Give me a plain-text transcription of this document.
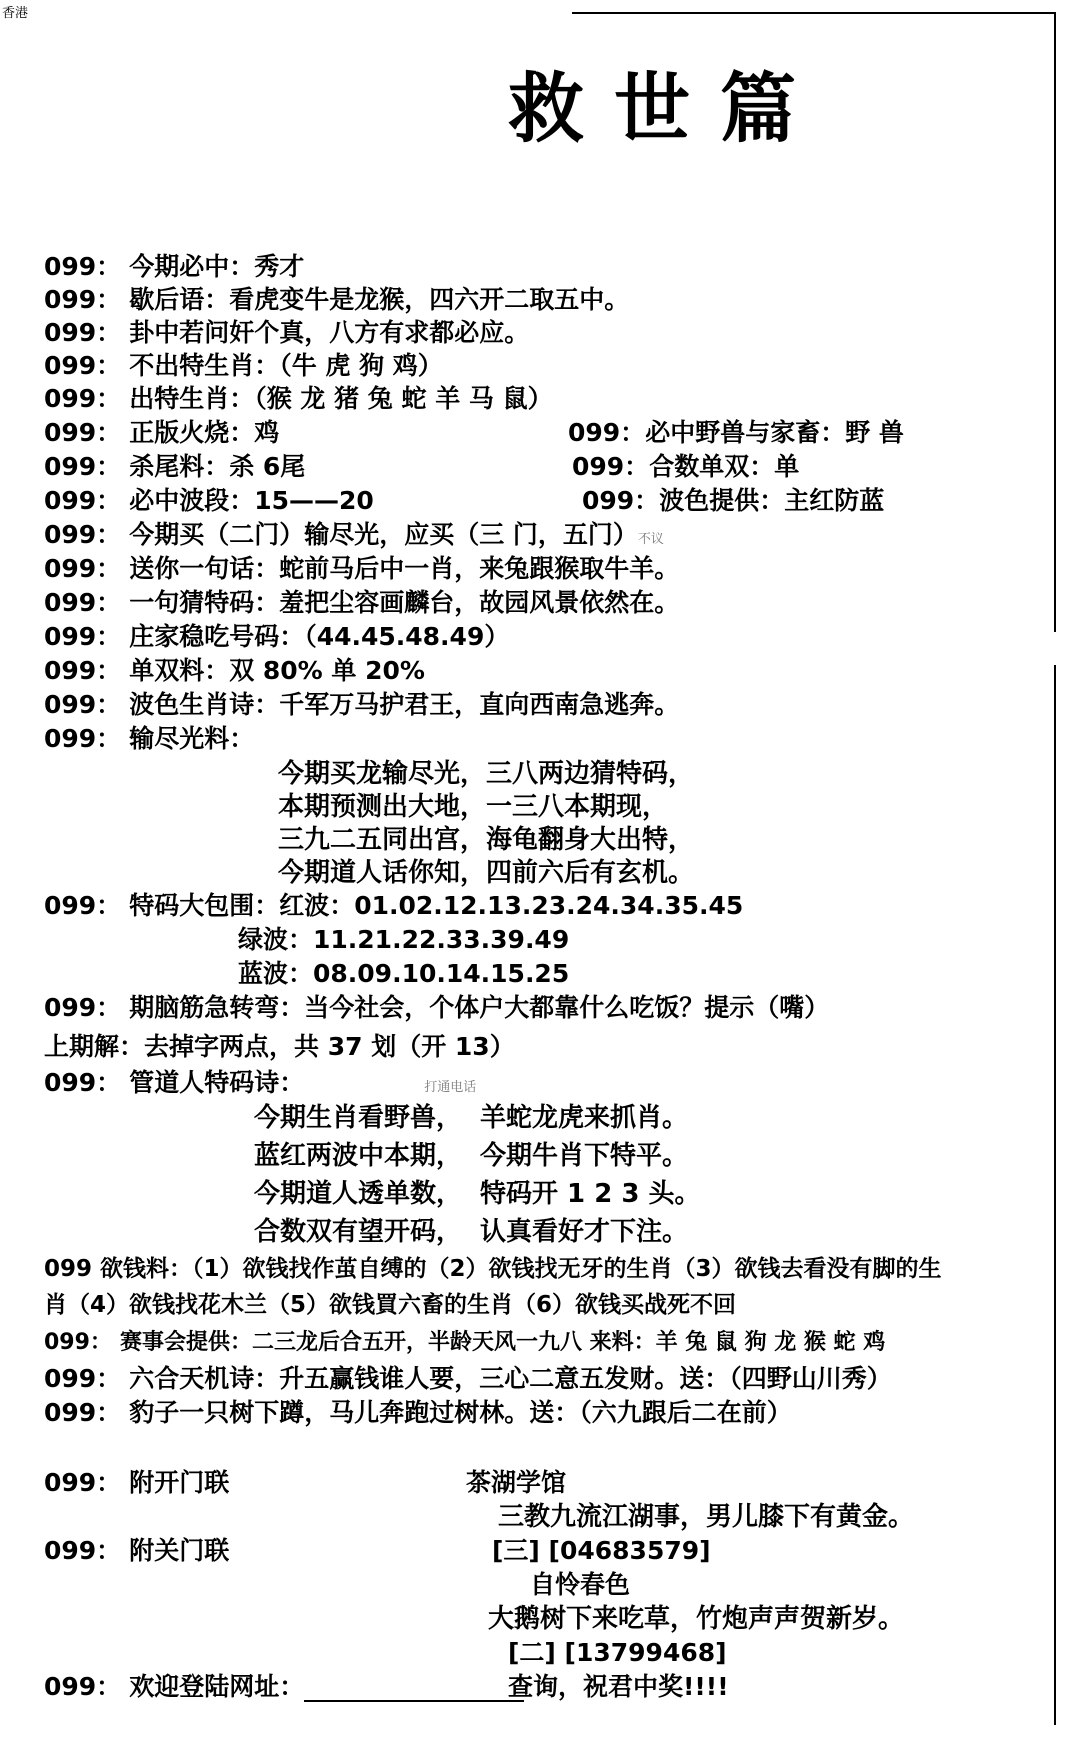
香港
救世篇
099： 今期必中：秀才
099： 歇后语：看虎变牛是龙猴，四六开二取五中。
099： 卦中若问奸个真，八方有求都必应。
099： 不出特生肖：（牛 虎 狗 鸡）
099： 出特生肖：（猴 龙 猪 兔 蛇 羊 马 鼠）
099： 正版火烧：鸡	099：必中野兽与家畜：野 兽
099： 杀尾料：杀 6尾	099：合数单双：单
099： 必中波段：15——20	099：波色提供：主红防蓝
099： 今期买（二门）输尽光，应买（三 门，五门）不议
099： 送你一句话：蛇前马后中一肖，来兔跟猴取牛羊。
099： 一句猜特码：羞把尘容画麟台，故园风景依然在。
099： 庄家稳吃号码：（44.45.48.49）
099： 单双料：双 80% 单 20%
099： 波色生肖诗：千军万马护君王，直向西南急逃奔。
099： 输尽光料：
今期买龙输尽光，三八两边猜特码，
本期预测出大地，一三八本期现，
三九二五同出宫，海龟翻身大出特，
今期道人话你知，四前六后有玄机。
099： 特码大包围：红波：01.02.12.13.23.24.34.35.45
绿波：11.21.22.33.39.49
蓝波：08.09.10.14.15.25
099： 期脑筋急转弯：当今社会，个体户大都靠什么吃饭？提示（嘴）
上期解：去掉字两点，共 37 划（开 13）
099： 管道人特码诗：	打通电话
今期生肖看野兽， 羊蛇龙虎来抓肖。
蓝红两波中本期， 今期牛肖下特平。
今期道人透单数， 特码开 1 2 3 头。
合数双有望开码， 认真看好才下注。
099 欲钱料：（1）欲钱找作茧自缚的（2）欲钱找无牙的生肖（3）欲钱去看没有脚的生
肖（4）欲钱找花木兰（5）欲钱買六畜的生肖（6）欲钱买战死不回
099： 赛事会提供：二三龙后合五开，半龄天风一九八 来料：羊 兔 鼠 狗 龙 猴 蛇 鸡
099： 六合天机诗：升五赢钱谁人要，三心二意五发财。送：（四野山川秀）
099： 豹子一只树下蹲，马儿奔跑过树林。送：（六九跟后二在前）
099： 附开门联	茶湖学馆
三教九流江湖事，男儿膝下有黄金。
099： 附关门联	[三] [04683579]
自怜春色
大鹅树下来吃草，竹炮声声贺新岁。
[二] [13799468]
099： 欢迎登陆网址：	查询，祝君中奖!!!!
